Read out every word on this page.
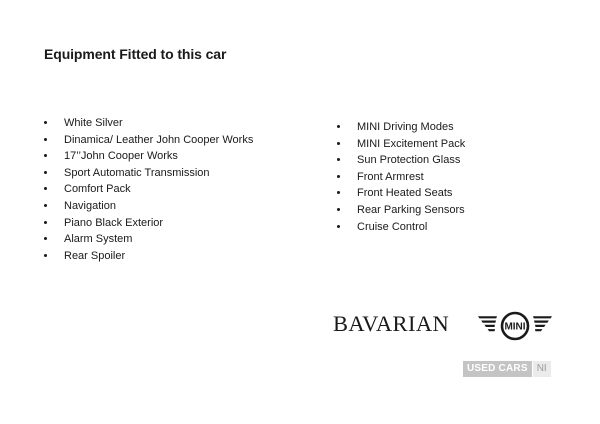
Equipment Fitted to this car
White Silver
Dinamica/ Leather John Cooper Works
17’’John Cooper Works
Sport Automatic Transmission
Comfort Pack
Navigation
Piano Black Exterior
Alarm System
Rear Spoiler
MINI Driving Modes
MINI Excitement Pack
Sun Protection Glass
Front Armrest
Front Heated Seats
Rear Parking Sensors
Cruise Control
BAVARIAN	MINI
USED CARS NI
